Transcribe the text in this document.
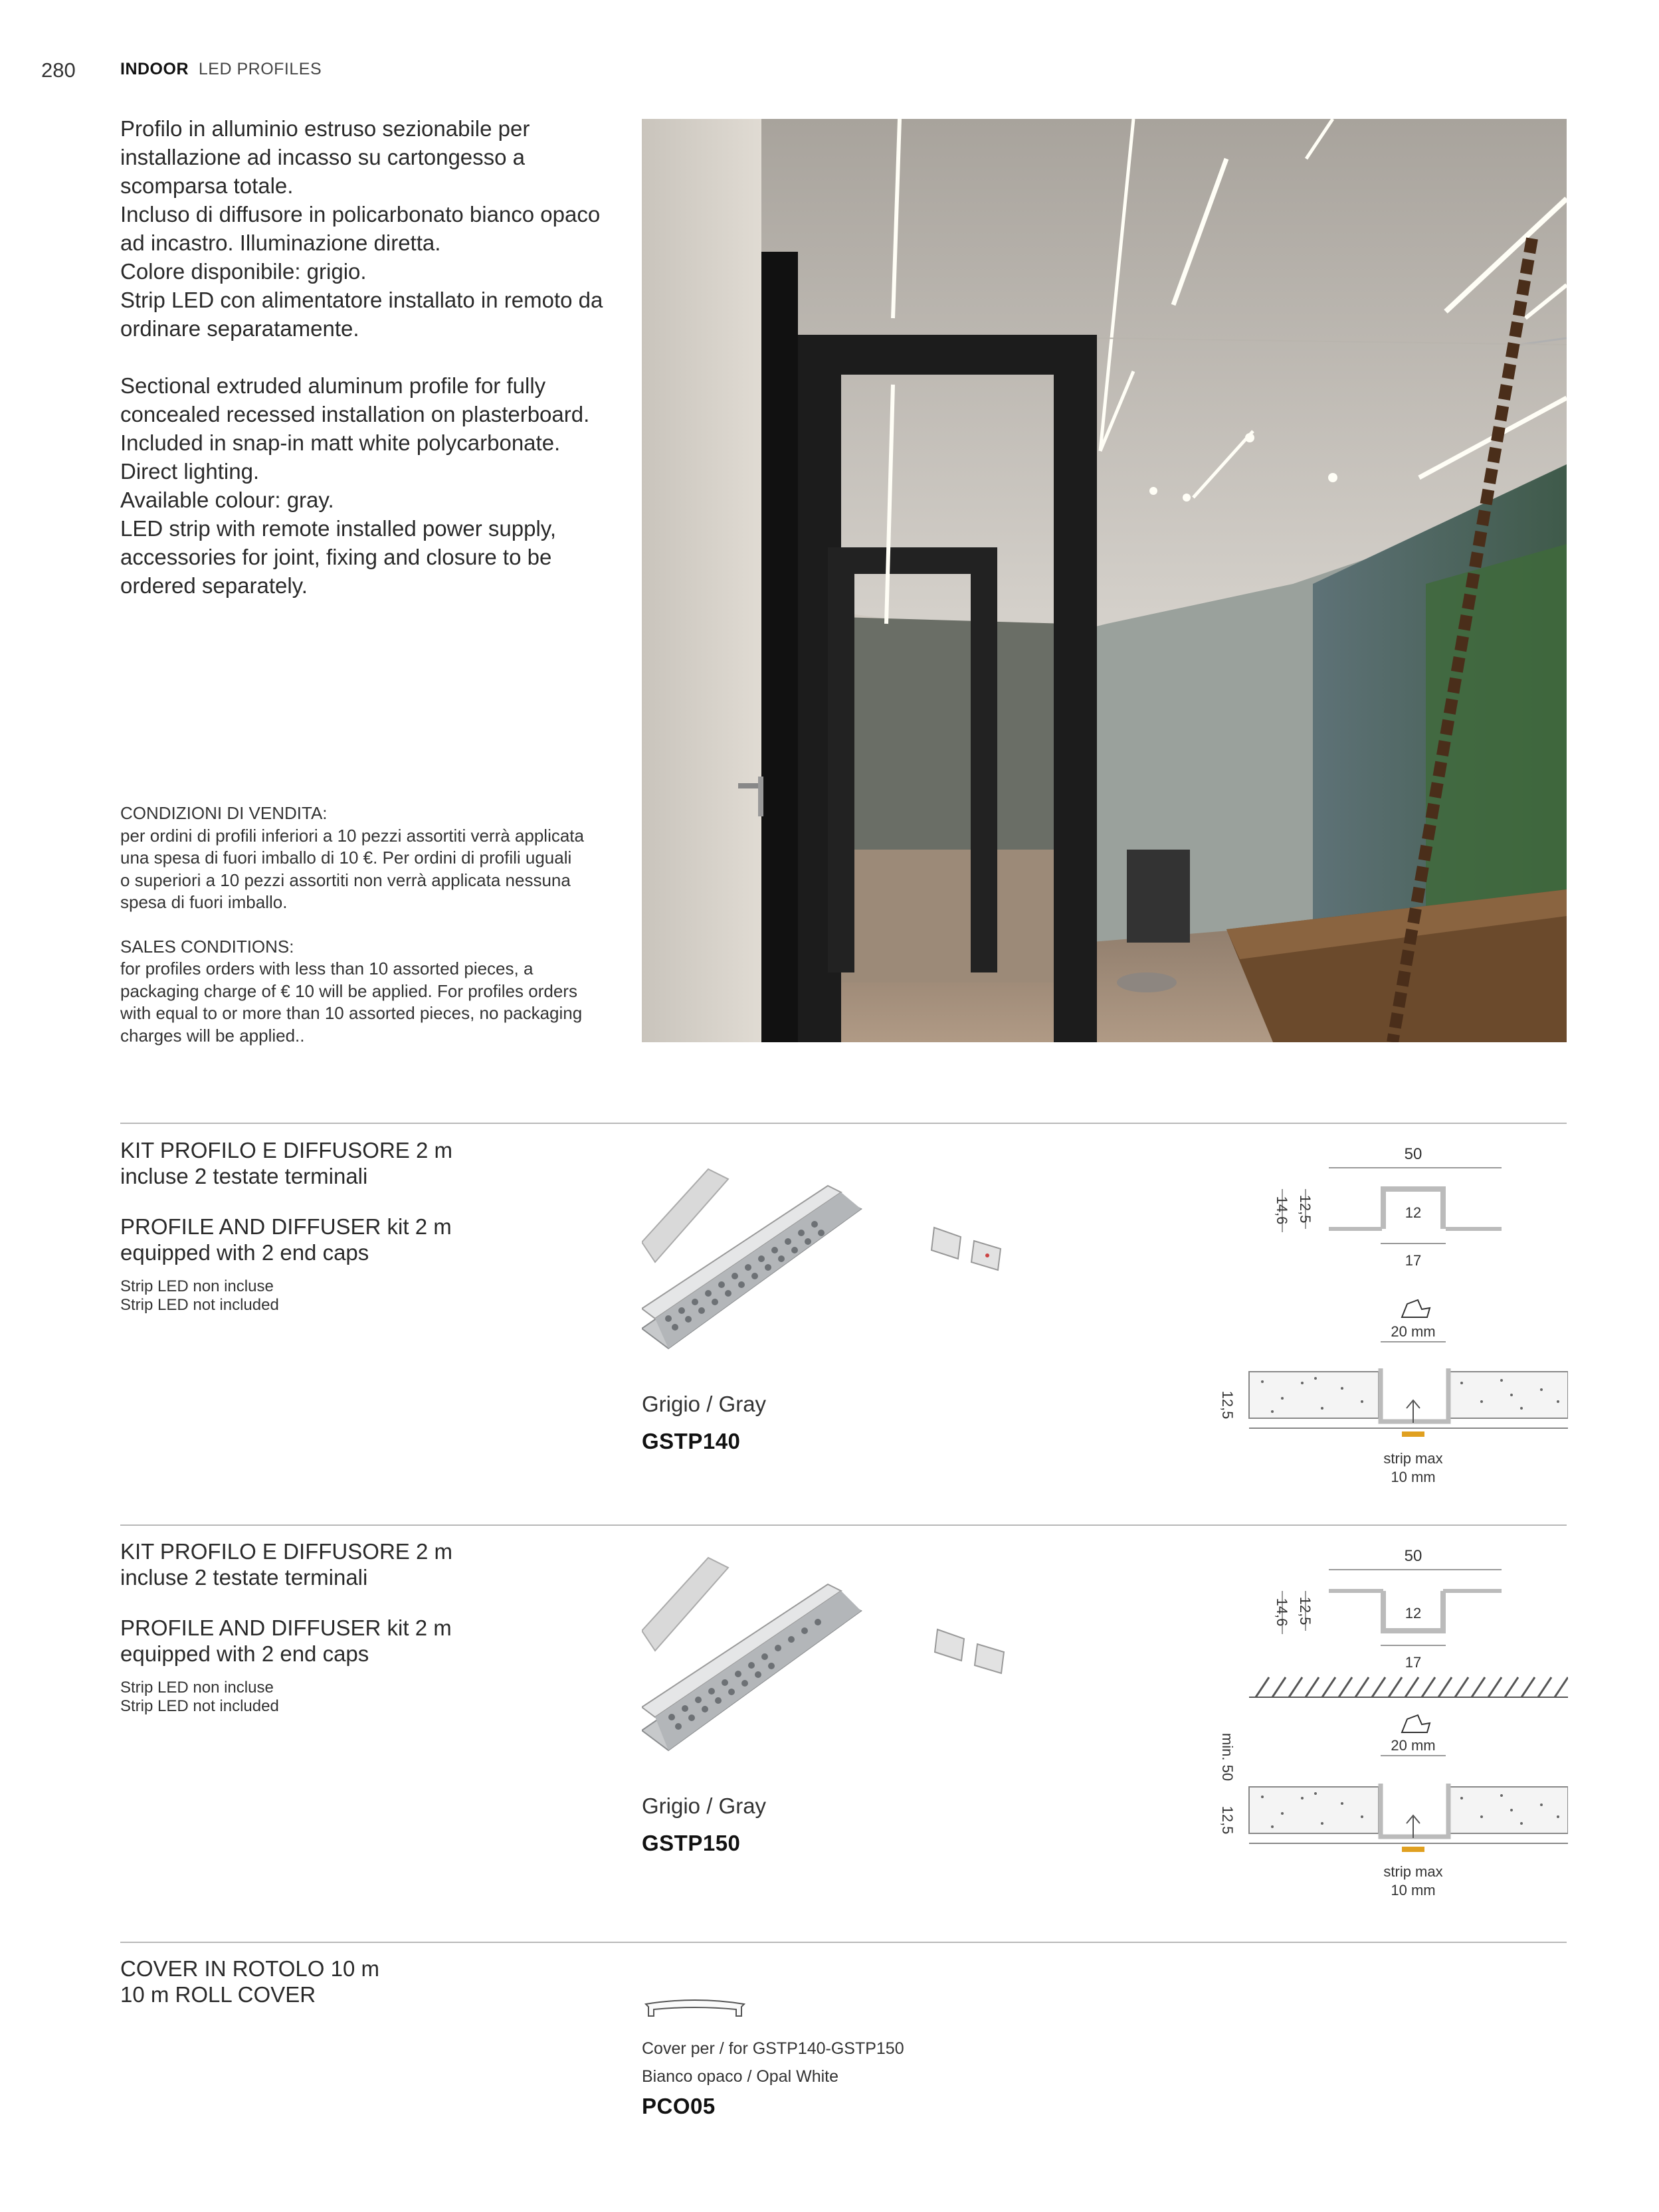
280	INDOOR LED PROFILES

Profilo in alluminio estruso sezionabile per

installazione ad incasso su cartongesso a

scomparsa totale.

Incluso di diffusore in policarbonato bianco opaco

ad incastro. Illuminazione diretta.

Colore disponibile: grigio.

Strip LED con alimentatore installato in remoto da

ordinare separatamente.

Sectional extruded aluminum profile for fully

concealed recessed installation on plasterboard.

Included in snap-in matt white polycarbonate.

Direct lighting.

Available colour: gray.

LED strip with remote installed power supply,

accessories for joint, fixing and closure to be

ordered separately.

CONDIZIONI DI VENDITA:

per ordini di profili inferiori a 10 pezzi assortiti verrà applicata

una spesa di fuori imballo di 10 €. Per ordini di profili uguali

o superiori a 10 pezzi assortiti non verrà applicata nessuna

spesa di fuori imballo.

SALES CONDITIONS:

for profiles orders with less than 10 assorted pieces, a

packaging charge of € 10 will be applied. For profiles orders

with equal to or more than 10 assorted pieces, no packaging

charges will be applied..

KIT PROFILO E DIFFUSORE 2 m
incluse 2 testate terminali
PROFILE AND DIFFUSER kit 2 m
equipped with 2 end caps
Strip LED non incluse
Strip LED not included
Grigio / Gray
GSTP140
50
14,6 12,5	12
17
20 mm
12,5
strip max
10 mm
KIT PROFILO E DIFFUSORE 2 m
incluse 2 testate terminali
PROFILE AND DIFFUSER kit 2 m
equipped with 2 end caps
Strip LED non incluse
Strip LED not included
Grigio / Gray
GSTP150
50
14,6 12,5	12
17
20 mm
min. 50
12,5
strip max
10 mm
COVER IN ROTOLO 10 m
10 m ROLL COVER
Cover per / for GSTP140-GSTP150
Bianco opaco / Opal White
PCO05
